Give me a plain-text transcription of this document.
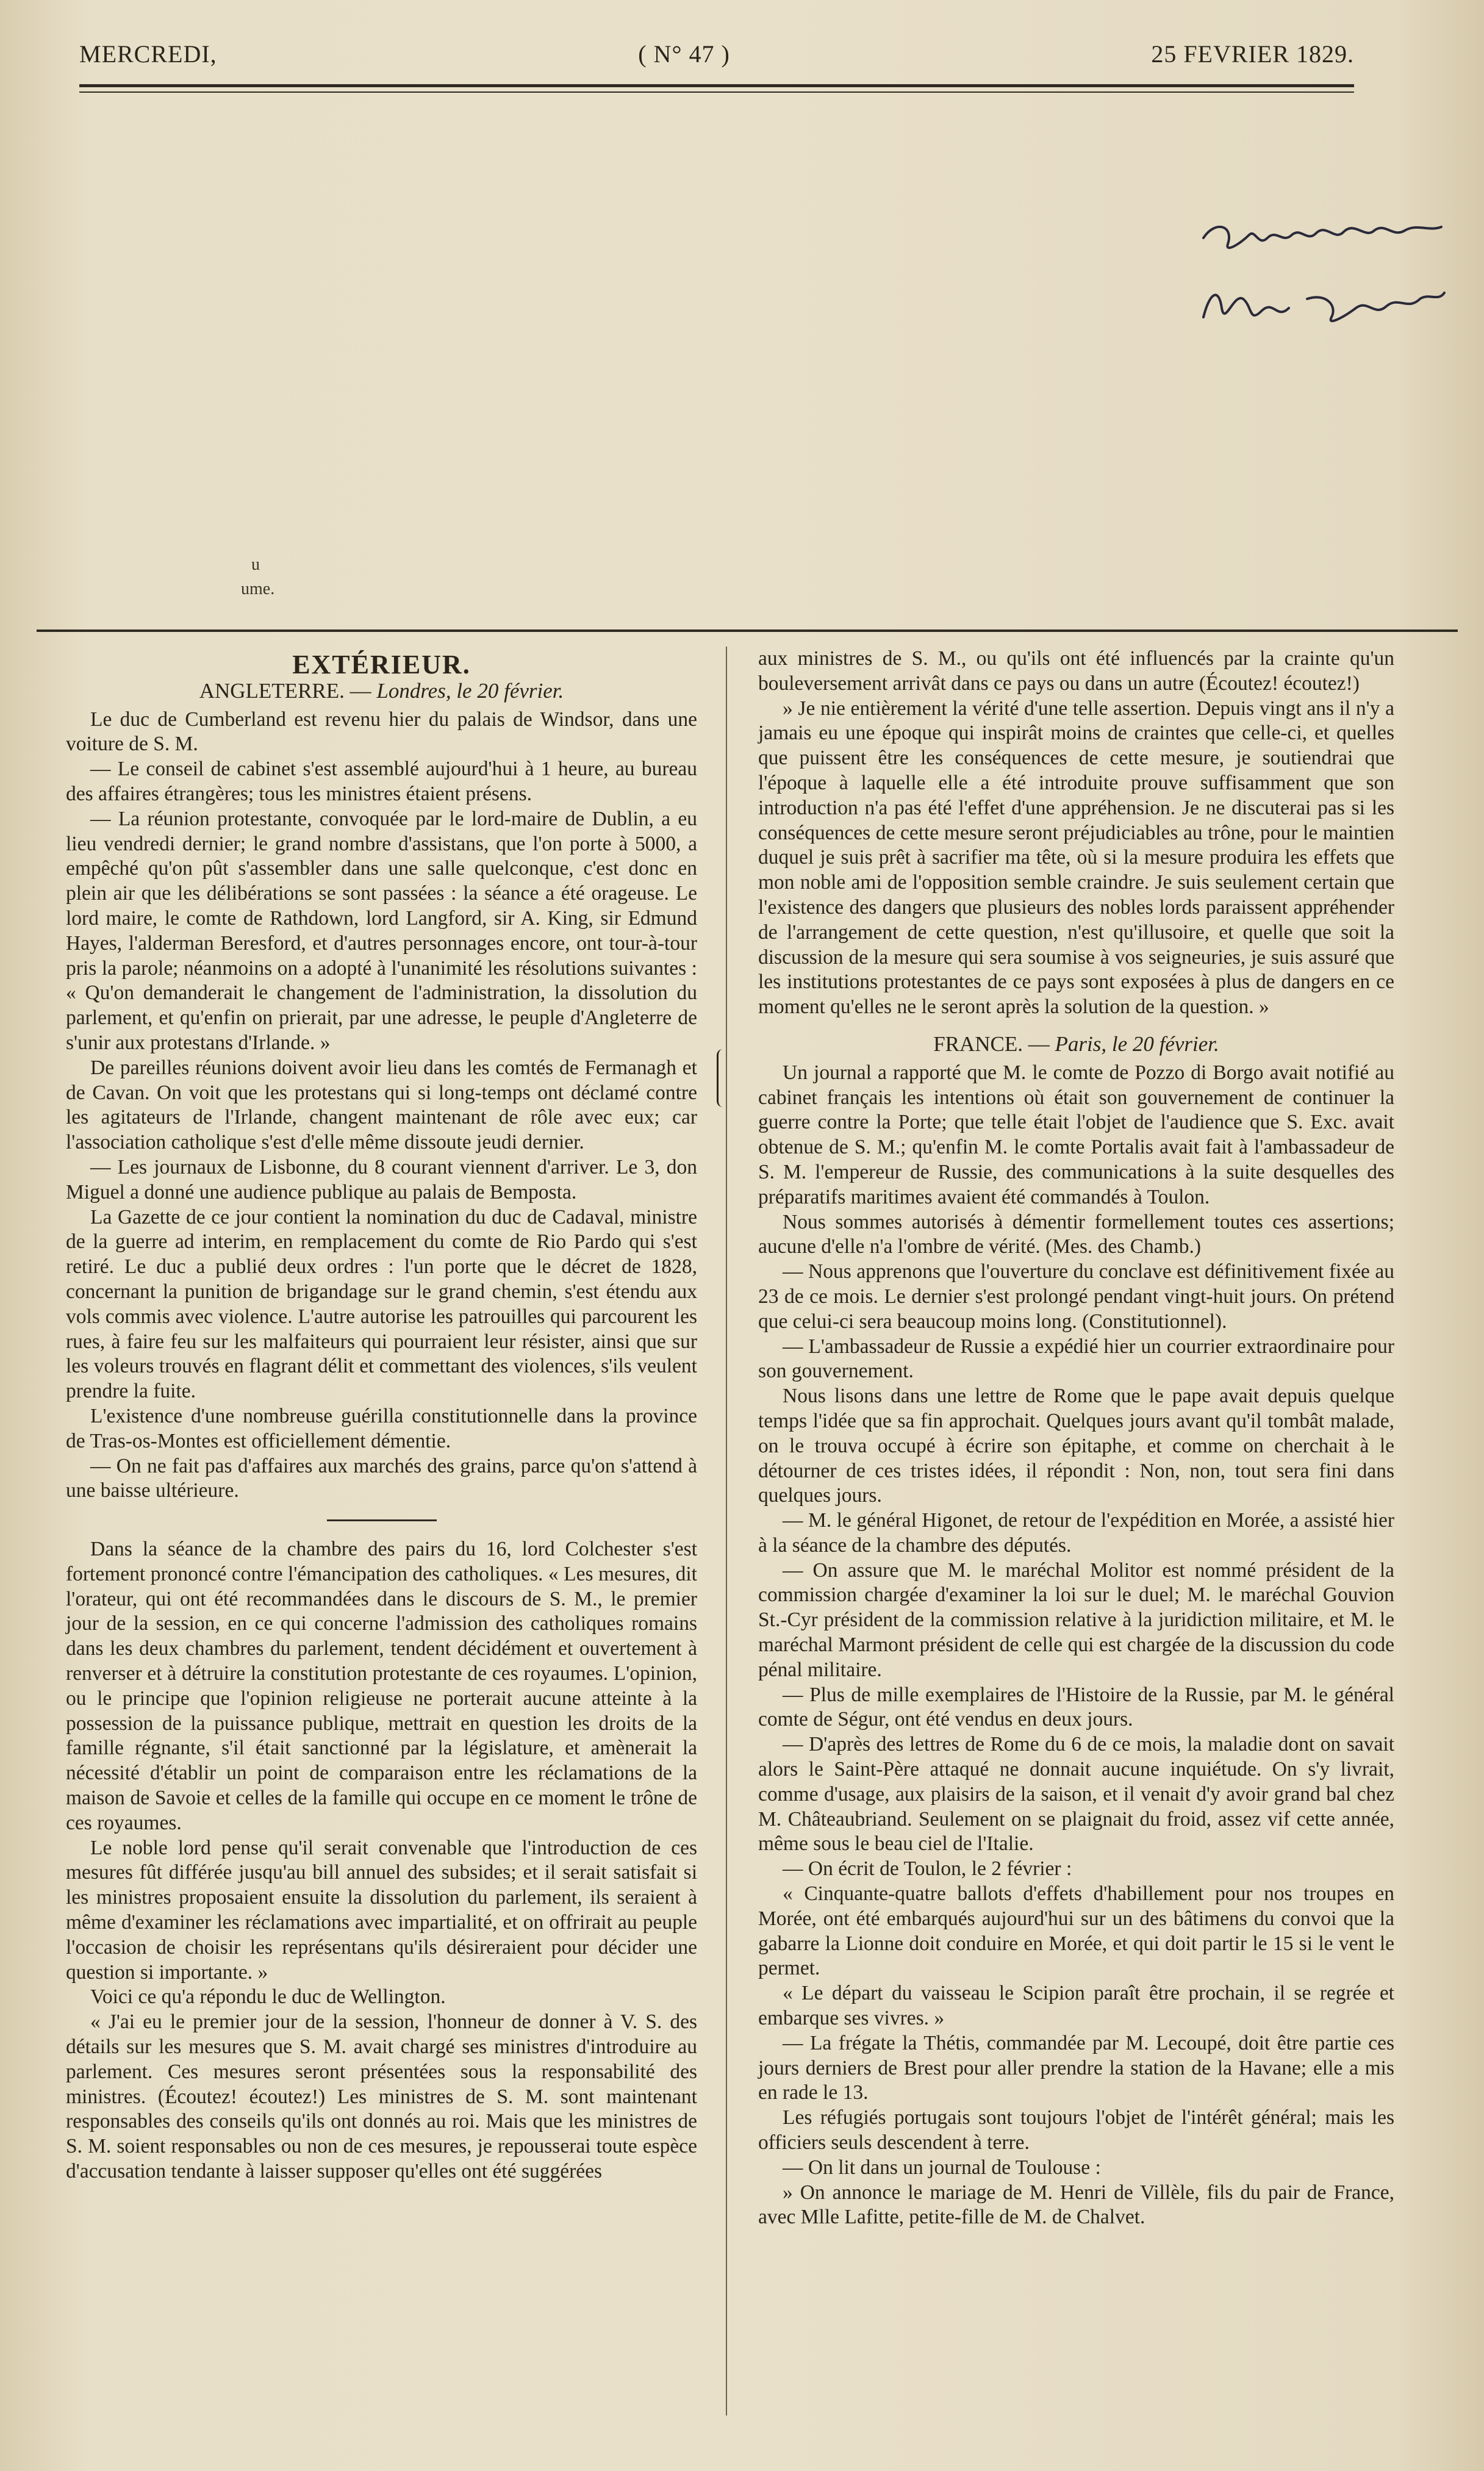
MERCREDI,	( N° 47 )	25 FEVRIER 1829.
u
ume.
EXTÉRIEUR.
ANGLETERRE. — Londres, le 20 février.

Le duc de Cumberland est revenu hier du palais de Windsor, dans une voiture de S. M.

— Le conseil de cabinet s'est assemblé aujourd'hui à 1 heure, au bureau des affaires étrangères; tous les ministres étaient présens.

— La réunion protestante, convoquée par le lord-maire de Dublin, a eu lieu vendredi dernier; le grand nombre d'assistans, que l'on porte à 5000, a empêché qu'on pût s'assembler dans une salle quelconque, c'est donc en plein air que les délibérations se sont passées : la séance a été orageuse. Le lord maire, le comte de Rathdown, lord Langford, sir A. King, sir Edmund Hayes, l'alderman Beresford, et d'autres personnages encore, ont tour-à-tour pris la parole; néanmoins on a adopté à l'unanimité les résolutions suivantes : « Qu'on demanderait le changement de l'administration, la dissolution du parlement, et qu'enfin on prierait, par une adresse, le peuple d'Angleterre de s'unir aux protestans d'Irlande. »

De pareilles réunions doivent avoir lieu dans les comtés de Fermanagh et de Cavan. On voit que les protestans qui si long-temps ont déclamé contre les agitateurs de l'Irlande, changent maintenant de rôle avec eux; car l'association catholique s'est d'elle même dissoute jeudi dernier.

— Les journaux de Lisbonne, du 8 courant viennent d'arriver. Le 3, don Miguel a donné une audience publique au palais de Bemposta.

La Gazette de ce jour contient la nomination du duc de Cadaval, ministre de la guerre ad interim, en remplacement du comte de Rio Pardo qui s'est retiré. Le duc a publié deux ordres : l'un porte que le décret de 1828, concernant la punition de brigandage sur le grand chemin, s'est étendu aux vols commis avec violence. L'autre autorise les patrouilles qui parcourent les rues, à faire feu sur les malfaiteurs qui pourraient leur résister, ainsi que sur les voleurs trouvés en flagrant délit et commettant des violences, s'ils veulent prendre la fuite.

L'existence d'une nombreuse guérilla constitutionnelle dans la province de Tras-os-Montes est officiellement démentie.

— On ne fait pas d'affaires aux marchés des grains, parce qu'on s'attend à une baisse ultérieure.

Dans la séance de la chambre des pairs du 16, lord Colchester s'est fortement prononcé contre l'émancipation des catholiques. « Les mesures, dit l'orateur, qui ont été recommandées dans le discours de S. M., le premier jour de la session, en ce qui concerne l'admission des catholiques romains dans les deux chambres du parlement, tendent décidément et ouvertement à renverser et à détruire la constitution protestante de ces royaumes. L'opinion, ou le principe que l'opinion religieuse ne porterait aucune atteinte à la possession de la puissance publique, mettrait en question les droits de la famille régnante, s'il était sanctionné par la législature, et amènerait la nécessité d'établir un point de comparaison entre les réclamations de la maison de Savoie et celles de la famille qui occupe en ce moment le trône de ces royaumes.

Le noble lord pense qu'il serait convenable que l'introduction de ces mesures fût différée jusqu'au bill annuel des subsides; et il serait satisfait si les ministres proposaient ensuite la dissolution du parlement, ils seraient à même d'examiner les réclamations avec impartialité, et on offrirait au peuple l'occasion de choisir les représentans qu'ils désireraient pour décider une question si importante. »

Voici ce qu'a répondu le duc de Wellington.

« J'ai eu le premier jour de la session, l'honneur de donner à V. S. des détails sur les mesures que S. M. avait chargé ses ministres d'introduire au parlement. Ces mesures seront présentées sous la responsabilité des ministres. (Écoutez! écoutez!) Les ministres de S. M. sont maintenant responsables des conseils qu'ils ont donnés au roi. Mais que les ministres de S. M. soient responsables ou non de ces mesures, je repousserai toute espèce d'accusation tendante à laisser supposer qu'elles ont été suggérées

aux ministres de S. M., ou qu'ils ont été influencés par la crainte qu'un bouleversement arrivât dans ce pays ou dans un autre (Écoutez! écoutez!)

» Je nie entièrement la vérité d'une telle assertion. Depuis vingt ans il n'y a jamais eu une époque qui inspirât moins de craintes que celle-ci, et quelles que puissent être les conséquences de cette mesure, je soutiendrai que l'époque à laquelle elle a été introduite prouve suffisamment que son introduction n'a pas été l'effet d'une appréhension. Je ne discuterai pas si les conséquences de cette mesure seront préjudiciables au trône, pour le maintien duquel je suis prêt à sacrifier ma tête, où si la mesure produira les effets que mon noble ami de l'opposition semble craindre. Je suis seulement certain que l'existence des dangers que plusieurs des nobles lords paraissent appréhender de l'arrangement de cette question, n'est qu'illusoire, et quelle que soit la discussion de la mesure qui sera soumise à vos seigneuries, je suis assuré que les institutions protestantes de ce pays sont exposées à plus de dangers en ce moment qu'elles ne le seront après la solution de la question. »

FRANCE. — Paris, le 20 février.

Un journal a rapporté que M. le comte de Pozzo di Borgo avait notifié au cabinet français les intentions où était son gouvernement de continuer la guerre contre la Porte; que telle était l'objet de l'audience que S. Exc. avait obtenue de S. M.; qu'enfin M. le comte Portalis avait fait à l'ambassadeur de S. M. l'empereur de Russie, des communications à la suite desquelles des préparatifs maritimes avaient été commandés à Toulon.

Nous sommes autorisés à démentir formellement toutes ces assertions; aucune d'elle n'a l'ombre de vérité. (Mes. des Chamb.)

— Nous apprenons que l'ouverture du conclave est définitivement fixée au 23 de ce mois. Le dernier s'est prolongé pendant vingt-huit jours. On prétend que celui-ci sera beaucoup moins long. (Constitutionnel).

— L'ambassadeur de Russie a expédié hier un courrier extraordinaire pour son gouvernement.

Nous lisons dans une lettre de Rome que le pape avait depuis quelque temps l'idée que sa fin approchait. Quelques jours avant qu'il tombât malade, on le trouva occupé à écrire son épitaphe, et comme on cherchait à le détourner de ces tristes idées, il répondit : Non, non, tout sera fini dans quelques jours.

— M. le général Higonet, de retour de l'expédition en Morée, a assisté hier à la séance de la chambre des députés.

— On assure que M. le maréchal Molitor est nommé président de la commission chargée d'examiner la loi sur le duel; M. le maréchal Gouvion St.-Cyr président de la commission relative à la juridiction militaire, et M. le maréchal Marmont président de celle qui est chargée de la discussion du code pénal militaire.

— Plus de mille exemplaires de l'Histoire de la Russie, par M. le général comte de Ségur, ont été vendus en deux jours.

— D'après des lettres de Rome du 6 de ce mois, la maladie dont on savait alors le Saint-Père attaqué ne donnait aucune inquiétude. On s'y livrait, comme d'usage, aux plaisirs de la saison, et il venait d'y avoir grand bal chez M. Châteaubriand. Seulement on se plaignait du froid, assez vif cette année, même sous le beau ciel de l'Italie.

— On écrit de Toulon, le 2 février :

« Cinquante-quatre ballots d'effets d'habillement pour nos troupes en Morée, ont été embarqués aujourd'hui sur un des bâtimens du convoi que la gabarre la Lionne doit conduire en Morée, et qui doit partir le 15 si le vent le permet.

« Le départ du vaisseau le Scipion paraît être prochain, il se regrée et embarque ses vivres. »

— La frégate la Thétis, commandée par M. Lecoupé, doit être partie ces jours derniers de Brest pour aller prendre la station de la Havane; elle a mis en rade le 13.

Les réfugiés portugais sont toujours l'objet de l'intérêt général; mais les officiers seuls descendent à terre.

— On lit dans un journal de Toulouse :

» On annonce le mariage de M. Henri de Villèle, fils du pair de France, avec Mlle Lafitte, petite-fille de M. de Chalvet.
